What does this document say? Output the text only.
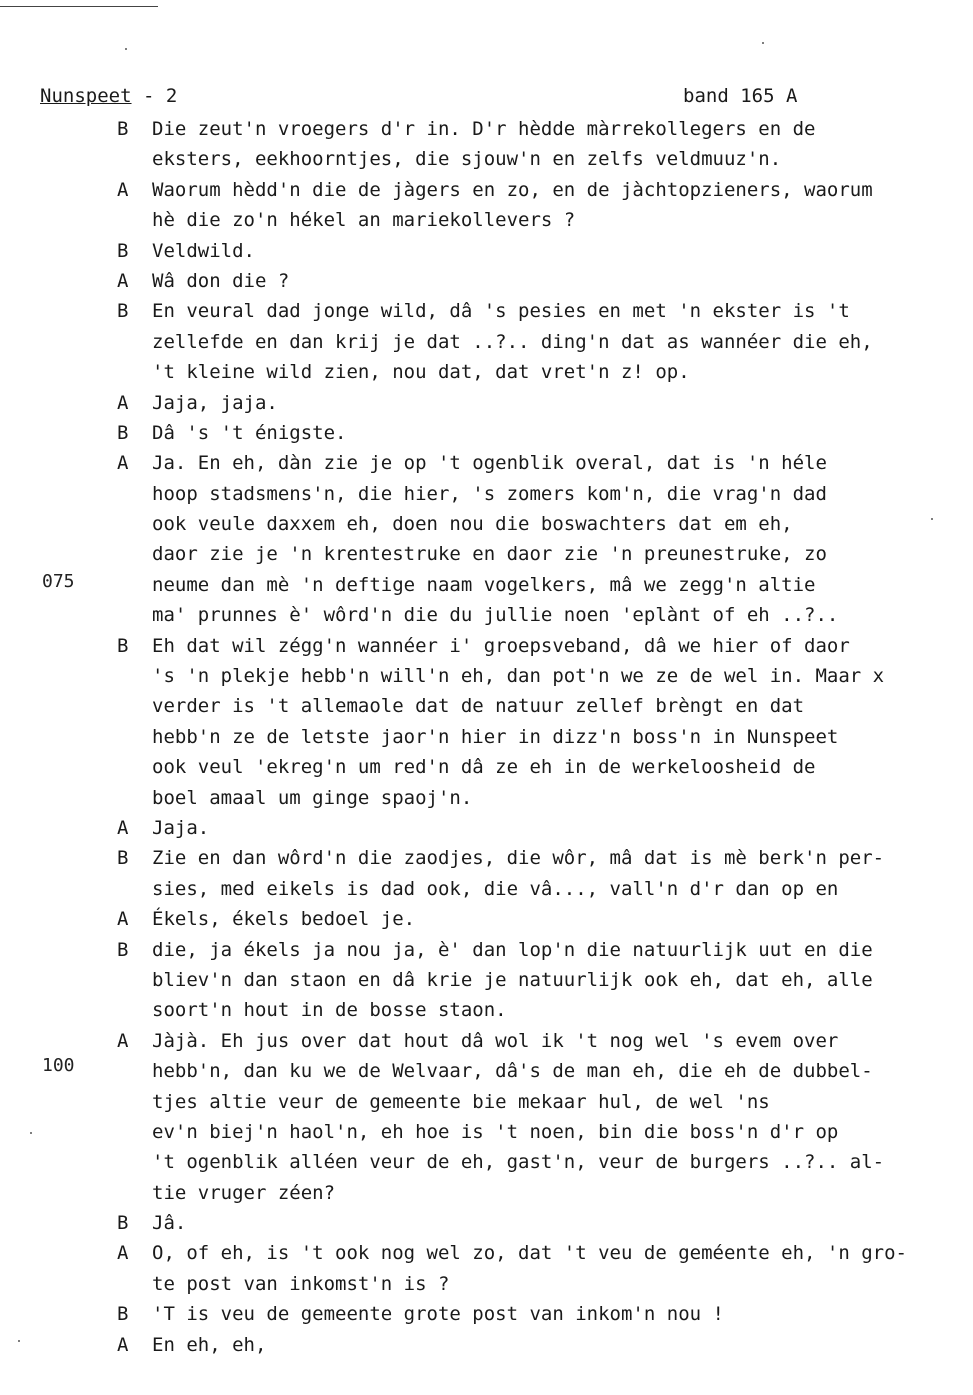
Nunspeet - 2	band 165 A
075
100
B Die zeut'n vroegers d'r in. D'r hèdde màrrekollegers en de
eksters, eekhoorntjes, die sjouw'n en zelfs veldmuuz'n.
A Waorum hèdd'n die de jàgers en zo, en de jàchtopzieners, waorum
hè die zo'n hékel an mariekollevers ?
B Veldwild.
A Wâ don die ?
B En veural dad jonge wild, dâ 's pesies en met 'n ekster is 't
zellefde en dan krij je dat ..?.. ding'n dat as wannéer die eh,
't kleine wild zien, nou dat, dat vret'n z! op.
A Jaja, jaja.
B Dâ 's 't énigste.
A Ja. En eh, dàn zie je op 't ogenblik overal, dat is 'n héle
hoop stadsmens'n, die hier, 's zomers kom'n, die vrag'n dad
ook veule daxxem eh, doen nou die boswachters dat em eh,
daor zie je 'n krentestruke en daor zie 'n preunestruke, zo
neume dan mè 'n deftige naam vogelkers, mâ we zegg'n altie
ma' prunnes è' wôrd'n die du jullie noen 'eplànt of eh ..?..
B Eh dat wil zégg'n wannéer i' groepsveband, dâ we hier of daor
's 'n plekje hebb'n will'n eh, dan pot'n we ze de wel in. Maar x
verder is 't allemaole dat de natuur zellef brèngt en dat
hebb'n ze de letste jaor'n hier in dizz'n boss'n in Nunspeet
ook veul 'ekreg'n um red'n dâ ze eh in de werkeloosheid de
boel amaal um ginge spaoj'n.
A Jaja.
B Zie en dan wôrd'n die zaodjes, die wôr, mâ dat is mè berk'n per-
sies, med eikels is dad ook, die vâ..., vall'n d'r dan op en
A Ékels, ékels bedoel je.
B die, ja ékels ja nou ja, è' dan lop'n die natuurlijk uut en die
bliev'n dan staon en dâ krie je natuurlijk ook eh, dat eh, alle
soort'n hout in de bosse staon.
A Jàjà. Eh jus over dat hout dâ wol ik 't nog wel 's evem over
hebb'n, dan ku we de Welvaar, dâ's de man eh, die eh de dubbel-
tjes altie veur de gemeente bie mekaar hul, de wel 'ns
ev'n biej'n haol'n, eh hoe is 't noen, bin die boss'n d'r op
't ogenblik alléen veur de eh, gast'n, veur de burgers ..?.. al-
tie vruger zéen?
B Jâ.
A O, of eh, is 't ook nog wel zo, dat 't veu de geméente eh, 'n gro-
te post van inkomst'n is ?
B 'T is veu de gemeente grote post van inkom'n nou !
A En eh, eh,
